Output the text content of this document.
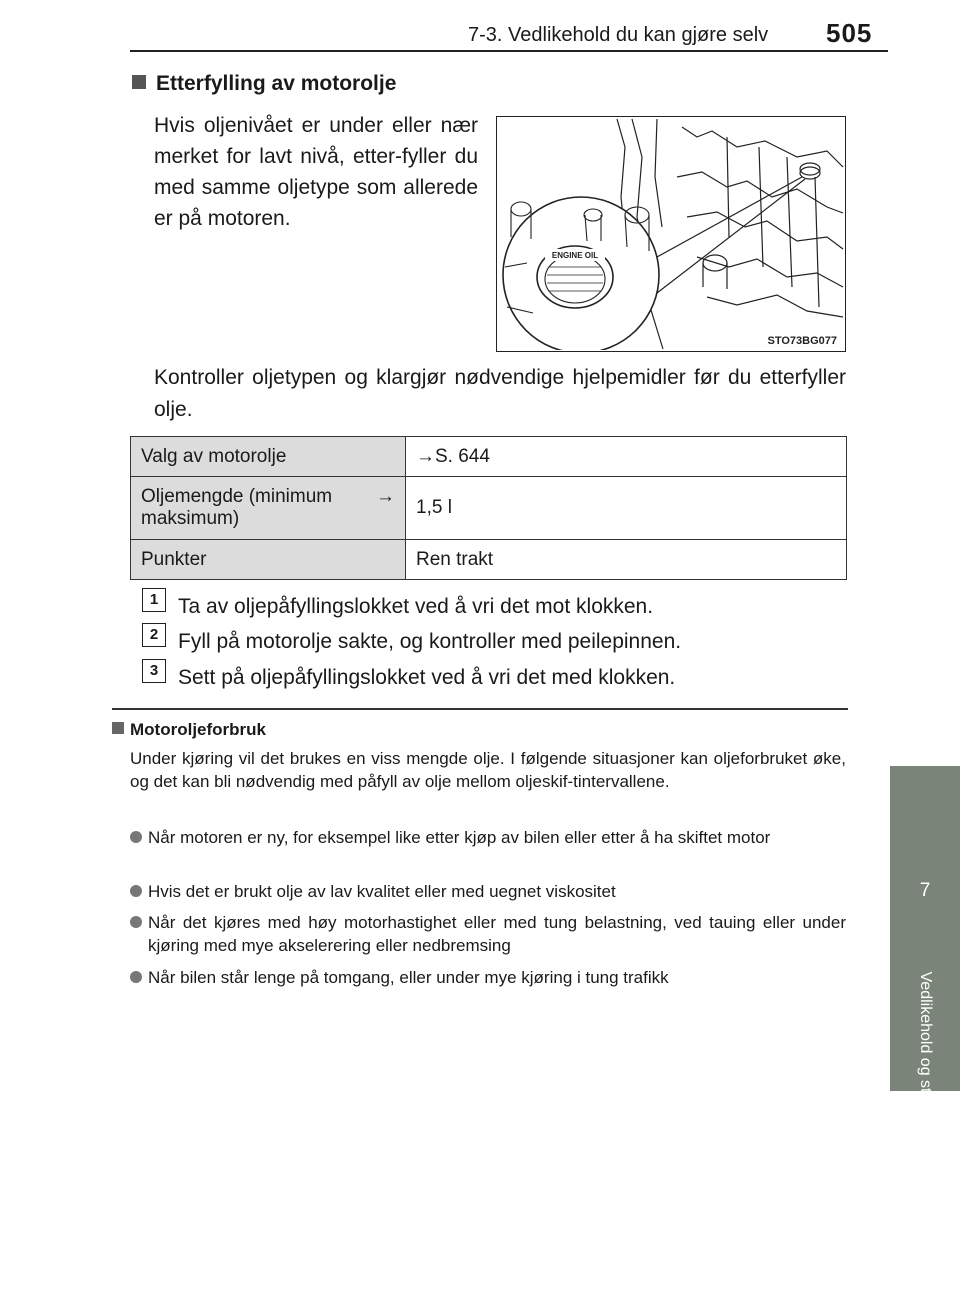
7-3. Vedlikehold du kan gjøre selv 505
7
Vedlikehold og stell
Etterfylling av motorolje
Hvis oljenivået er under eller nær merket for lavt nivå, etter-fyller du med samme oljetype som allerede er på motoren.
ENGINE OIL
STO73BG077
Kontroller oljetypen og klargjør nødvendige hjelpemidler før du etterfyller olje.
Valg av motorolje	→S. 644

Oljemengde (minimum →
maksimum)	1,5 l
Punkter	Ren trakt
1 Ta av oljepåfyllingslokket ved å vri det mot klokken.
2 Fyll på motorolje sakte, og kontroller med peilepinnen.
3 Sett på oljepåfyllingslokket ved å vri det med klokken.
Motoroljeforbruk
Under kjøring vil det brukes en viss mengde olje. I følgende situasjoner kan oljeforbruket øke, og det kan bli nødvendig med påfyll av olje mellom oljeskif-tintervallene.
Når motoren er ny, for eksempel like etter kjøp av bilen eller etter å ha skiftet motor
Hvis det er brukt olje av lav kvalitet eller med uegnet viskositet
Når det kjøres med høy motorhastighet eller med tung belastning, ved tauing eller under kjøring med mye akselerering eller nedbremsing
Når bilen står lenge på tomgang, eller under mye kjøring i tung trafikk
